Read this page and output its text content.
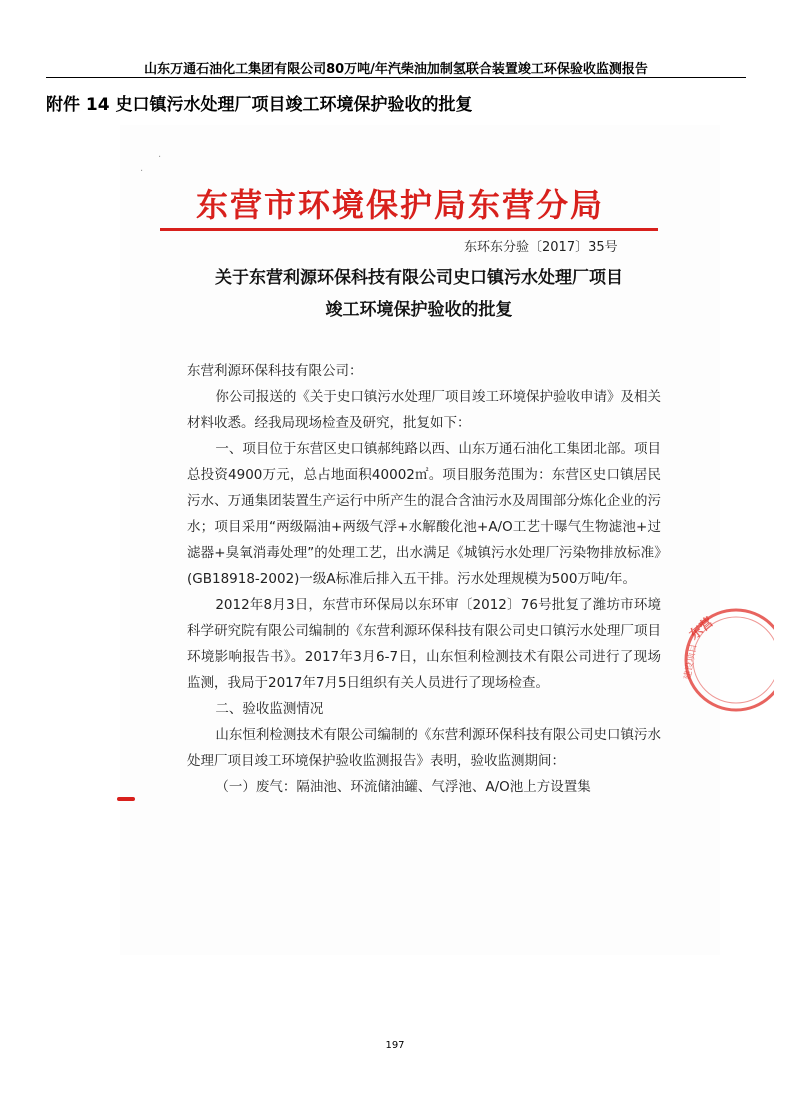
山东万通石油化工集团有限公司80万吨/年汽柴油加制氢联合装置竣工环保验收监测报告
附件 14 史口镇污水处理厂项目竣工环境保护验收的批复
·
·
东营市环境保护局东营分局
东环东分验〔2017〕35号
关于东营利源环保科技有限公司史口镇污水处理厂项目
竣工环境保护验收的批复

东营利源环保科技有限公司：

你公司报送的《关于史口镇污水处理厂项目竣工环境保护验收申请》及相关材料收悉。经我局现场检查及研究，批复如下：

一、项目位于东营区史口镇郝纯路以西、山东万通石油化工集团北部。项目总投资4900万元，总占地面积40002㎡。项目服务范围为：东营区史口镇居民污水、万通集团装置生产运行中所产生的混合含油污水及周围部分炼化企业的污水；项目采用“两级隔油+两级气浮+水解酸化池+A/O工艺十曝气生物滤池+过滤器+臭氧消毒处理”的处理工艺，出水满足《城镇污水处理厂污染物排放标准》(GB18918-2002)一级A标准后排入五干排。污水处理规模为500万吨/年。

2012年8月3日，东营市环保局以东环审〔2012〕76号批复了潍坊市环境科学研究院有限公司编制的《东营利源环保科技有限公司史口镇污水处理厂项目环境影响报告书》。2017年3月6-7日，山东恒利检测技术有限公司进行了现场监测，我局于2017年7月5日组织有关人员进行了现场检查。

二、验收监测情况

山东恒利检测技术有限公司编制的《东营利源环保科技有限公司史口镇污水处理厂项目竣工环境保护验收监测报告》表明，验收监测期间：

（一）废气：隔油池、环流储油罐、气浮池、A/O池上方设置集

东营
建设项目
197
